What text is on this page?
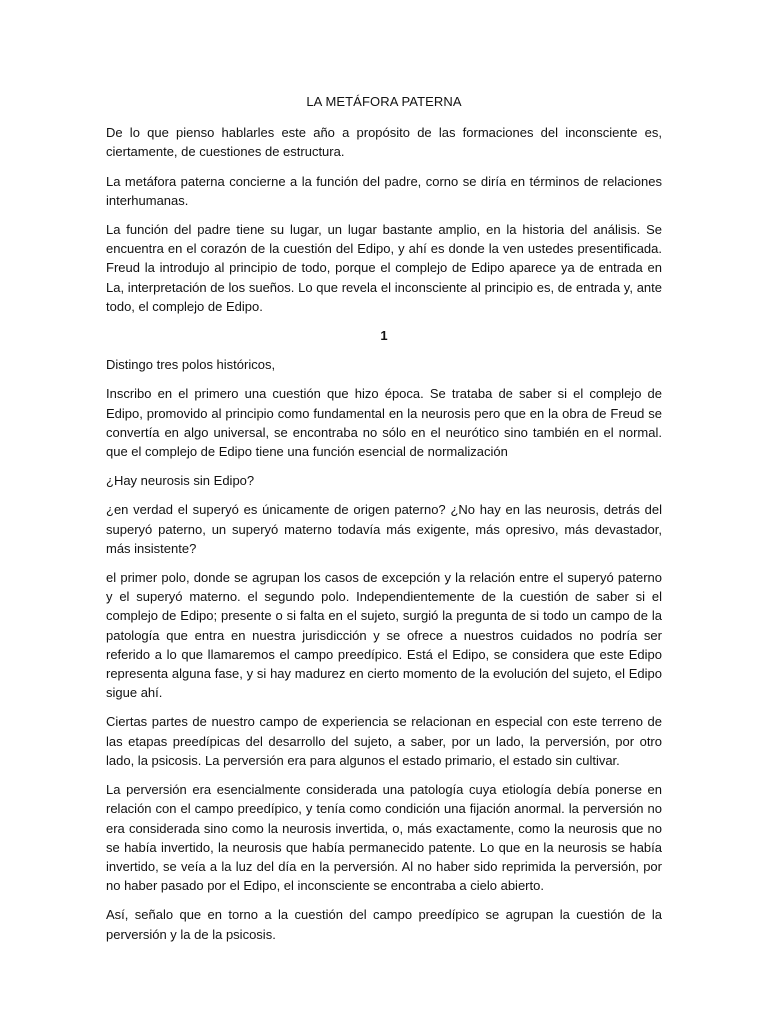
LA METÁFORA PATERNA

De lo que pienso hablarles este año a propósito de las formaciones del inconsciente es, ciertamente, de cuestiones de estructura.

La metáfora paterna concierne a la función del padre, corno se diría en términos de relaciones interhumanas.

La función del padre tiene su lugar, un lugar bastante amplio, en la historia del análisis. Se encuentra en el corazón de la cuestión del Edipo, y ahí es donde la ven ustedes presentificada. Freud la introdujo al principio de todo, porque el complejo de Edipo aparece ya de entrada en La, interpretación de los sueños. Lo que revela el inconsciente al principio es, de entrada y, ante todo, el complejo de Edipo.

1

Distingo tres polos históricos,

Inscribo en el primero una cuestión que hizo época. Se trataba de saber si el complejo de Edipo, promovido al principio como fundamental en la neurosis pero que en la obra de Freud se convertía en algo universal, se encontraba no sólo en el neurótico sino también en el normal. que el complejo de Edipo tiene una función esencial de normalización

¿Hay neurosis sin Edipo?

¿en verdad el superyó es únicamente de origen paterno? ¿No hay en las neurosis, detrás del superyó paterno, un superyó materno todavía más exigente, más opresivo, más devastador, más insistente?

el primer polo, donde se agrupan los casos de excepción y la relación entre el superyó paterno y el superyó materno. el segundo polo. Independientemente de la cuestión de saber si el complejo de Edipo; presente o si falta en el sujeto, surgió la pregunta de si todo un campo de la patología que entra en nuestra jurisdicción y se ofrece a nuestros cuidados no podría ser referido a lo que llamaremos el campo preedípico. Está el Edipo, se considera que este Edipo representa alguna fase, y si hay madurez en cierto momento de la evolución del sujeto, el Edipo sigue ahí.

Ciertas partes de nuestro campo de experiencia se relacionan en especial con este terreno de las etapas preedípicas del desarrollo del sujeto, a saber, por un lado, la perversión, por otro lado, la psicosis. La perversión era para algunos el estado primario, el estado sin cultivar.

La perversión era esencialmente considerada una patología cuya etiología debía ponerse en relación con el campo preedípico, y tenía como condición una fijación anormal. la perversión no era considerada sino como la neurosis invertida, o, más exactamente, como la neurosis que no se había invertido, la neurosis que había permanecido patente. Lo que en la neurosis se había invertido, se veía a la luz del día en la perversión. Al no haber sido reprimida la perversión, por no haber pasado por el Edipo, el inconsciente se encontraba a cielo abierto.

Así, señalo que en torno a la cuestión del campo preedípico se agrupan la cuestión de la perversión y la de la psicosis.
